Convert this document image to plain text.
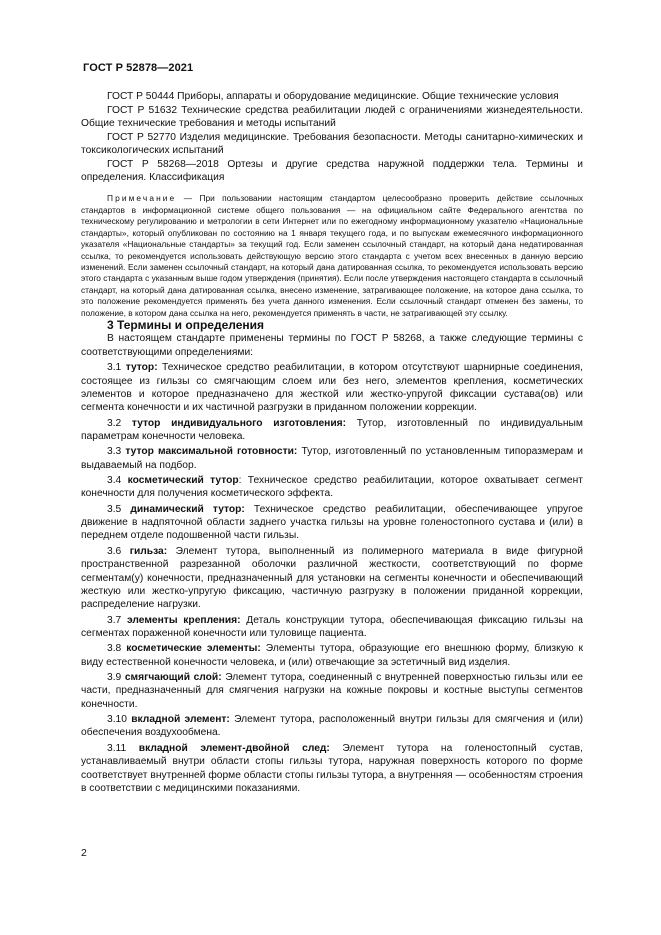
ГОСТ Р 52878—2021

ГОСТ Р 50444 Приборы, аппараты и оборудование медицинские. Общие технические условия

ГОСТ Р 51632 Технические средства реабилитации людей с ограничениями жизнедеятельности. Общие технические требования и методы испытаний

ГОСТ Р 52770 Изделия медицинские. Требования безопасности. Методы санитарно-химических и токсикологических испытаний

ГОСТ Р 58268—2018 Ортезы и другие средства наружной поддержки тела. Термины и определения. Классификация

Примечание — При пользовании настоящим стандартом целесообразно проверить действие ссылочных стандартов в информационной системе общего пользования — на официальном сайте Федерального агентства по техническому регулированию и метрологии в сети Интернет или по ежегодному информационному указателю «Национальные стандарты», который опубликован по состоянию на 1 января текущего года, и по выпускам ежемесячного информационного указателя «Национальные стандарты» за текущий год. Если заменен ссылочный стандарт, на который дана недатированная ссылка, то рекомендуется использовать действующую версию этого стандарта с учетом всех внесенных в данную версию изменений. Если заменен ссылочный стандарт, на который дана датированная ссылка, то рекомендуется использовать версию этого стандарта с указанным выше годом утверждения (принятия). Если после утверждения настоящего стандарта в ссылочный стандарт, на который дана датированная ссылка, внесено изменение, затрагивающее положение, на которое дана ссылка, то это положение рекомендуется применять без учета данного изменения. Если ссылочный стандарт отменен без замены, то положение, в котором дана ссылка на него, рекомендуется применять в части, не затрагивающей эту ссылку.

3 Термины и определения

В настоящем стандарте применены термины по ГОСТ Р 58268, а также следующие термины с соответствующими определениями:

3.1 тутор: Техническое средство реабилитации, в котором отсутствуют шарнирные соединения, состоящее из гильзы со смягчающим слоем или без него, элементов крепления, косметических элементов и которое предназначено для жесткой или жестко-упругой фиксации сустава(ов) или сегмента конечности и их частичной разгрузки в приданном положении коррекции.

3.2 тутор индивидуального изготовления: Тутор, изготовленный по индивидуальным параметрам конечности человека.

3.3 тутор максимальной готовности: Тутор, изготовленный по установленным типоразмерам и выдаваемый на подбор.

3.4 косметический тутор: Техническое средство реабилитации, которое охватывает сегмент конечности для получения косметического эффекта.

3.5 динамический тутор: Техническое средство реабилитации, обеспечивающее упругое движение в надпяточной области заднего участка гильзы на уровне голеностопного сустава и (или) в переднем отделе подошвенной части гильзы.

3.6 гильза: Элемент тутора, выполненный из полимерного материала в виде фигурной пространственной разрезанной оболочки различной жесткости, соответствующий по форме сегментам(у) конечности, предназначенный для установки на сегменты конечности и обеспечивающий жесткую или жестко-упругую фиксацию, частичную разгрузку в положении приданной коррекции, распределение нагрузки.

3.7 элементы крепления: Деталь конструкции тутора, обеспечивающая фиксацию гильзы на сегментах пораженной конечности или туловище пациента.

3.8 косметические элементы: Элементы тутора, образующие его внешнюю форму, близкую к виду естественной конечности человека, и (или) отвечающие за эстетичный вид изделия.

3.9 смягчающий слой: Элемент тутора, соединенный с внутренней поверхностью гильзы или ее части, предназначенный для смягчения нагрузки на кожные покровы и костные выступы сегментов конечности.

3.10 вкладной элемент: Элемент тутора, расположенный внутри гильзы для смягчения и (или) обеспечения воздухообмена.

3.11 вкладной элемент-двойной след: Элемент тутора на голеностопный сустав, устанавливаемый внутри области стопы гильзы тутора, наружная поверхность которого по форме соответствует внутренней форме области стопы гильзы тутора, а внутренняя — особенностям строения в соответствии с медицинскими показаниями.

2
